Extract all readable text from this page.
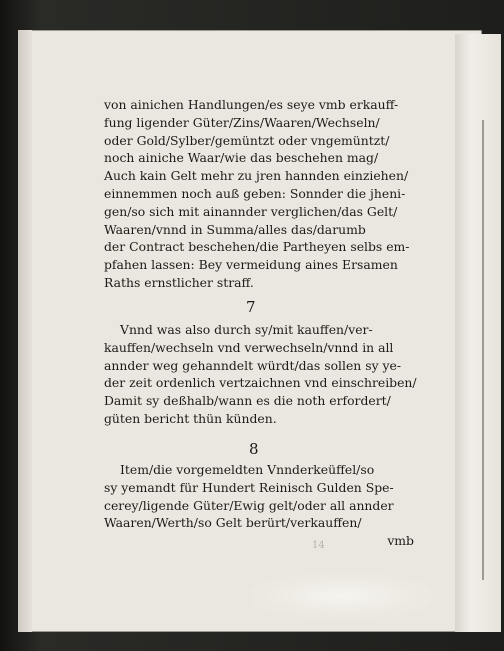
von ainichen Handlungen/es seye vmb erkauff-
fung ligender Güter/Zins/Waaren/Wechseln/
oder Gold/Sylber/gemüntzt oder vngemüntzt/
noch ainiche Waar/wie das beschehen mag/
Auch kain Gelt mehr zu jren hannden einziehen/
einnemmen noch auß geben: Sonnder die jheni-
gen/so sich mit ainannder verglichen/das Gelt/
Waaren/vnnd in Summa/alles das/darumb
der Contract beschehen/die Partheyen selbs em-
pfahen lassen: Bey vermeidung aines Ersamen
Raths ernstlicher straff.
7
Vnnd was also durch sy/mit kauffen/ver-
kauffen/wechseln vnd verwechseln/vnnd in all
annder weg gehanndelt würdt/das sollen sy ye-
der zeit ordenlich vertzaichnen vnd einschreiben/
Damit sy deßhalb/wann es die noth erfordert/
güten bericht thün künden.
8
Item/die vorgemeldten Vnnderkeüffel/so
sy yemandt für Hundert Reinisch Gulden Spe-
cerey/ligende Güter/Ewig gelt/oder all annder
Waaren/Werth/so Gelt berürt/verkauffen/
vmb
14
